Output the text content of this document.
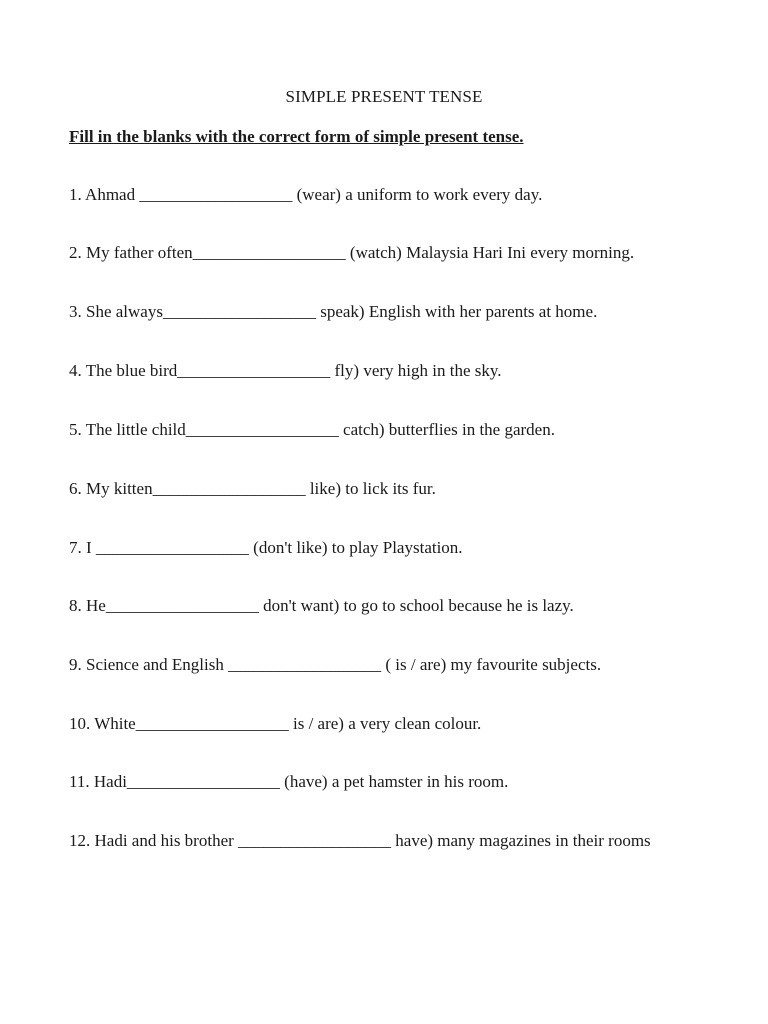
SIMPLE PRESENT TENSE

Fill in the blanks with the correct form of simple present tense.

1. Ahmad __________________ (wear) a uniform to work every day.
2. My father often__________________ (watch) Malaysia Hari Ini every morning.
3. She always__________________ speak) English with her parents at home.
4. The blue bird__________________ fly) very high in the sky.
5. The little child__________________ catch) butterflies in the garden.
6. My kitten__________________ like) to lick its fur.
7. I __________________ (don't like) to play Playstation.
8. He__________________ don't want) to go to school because he is lazy.
9. Science and English __________________ ( is / are) my favourite subjects.
10. White__________________ is / are) a very clean colour.
11. Hadi__________________ (have) a pet hamster in his room.
12. Hadi and his brother __________________ have) many magazines in their rooms
